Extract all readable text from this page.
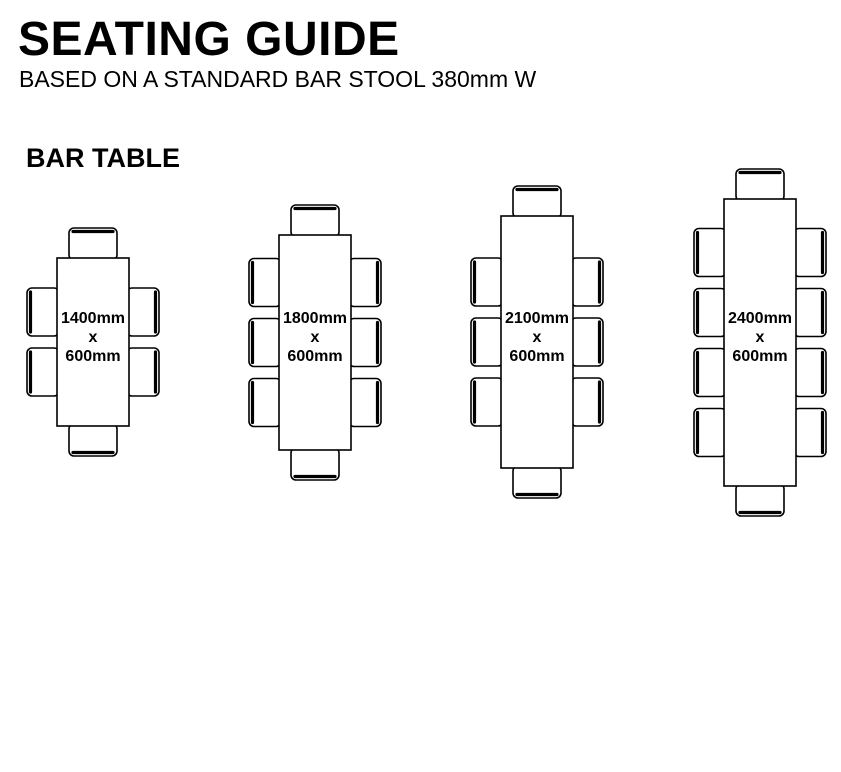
SEATING GUIDE
BASED ON A STANDARD BAR STOOL 380mm W
BAR TABLE
1400mm
x
600mm
1800mm
x
600mm
2100mm
x
600mm
2400mm
x
600mm
